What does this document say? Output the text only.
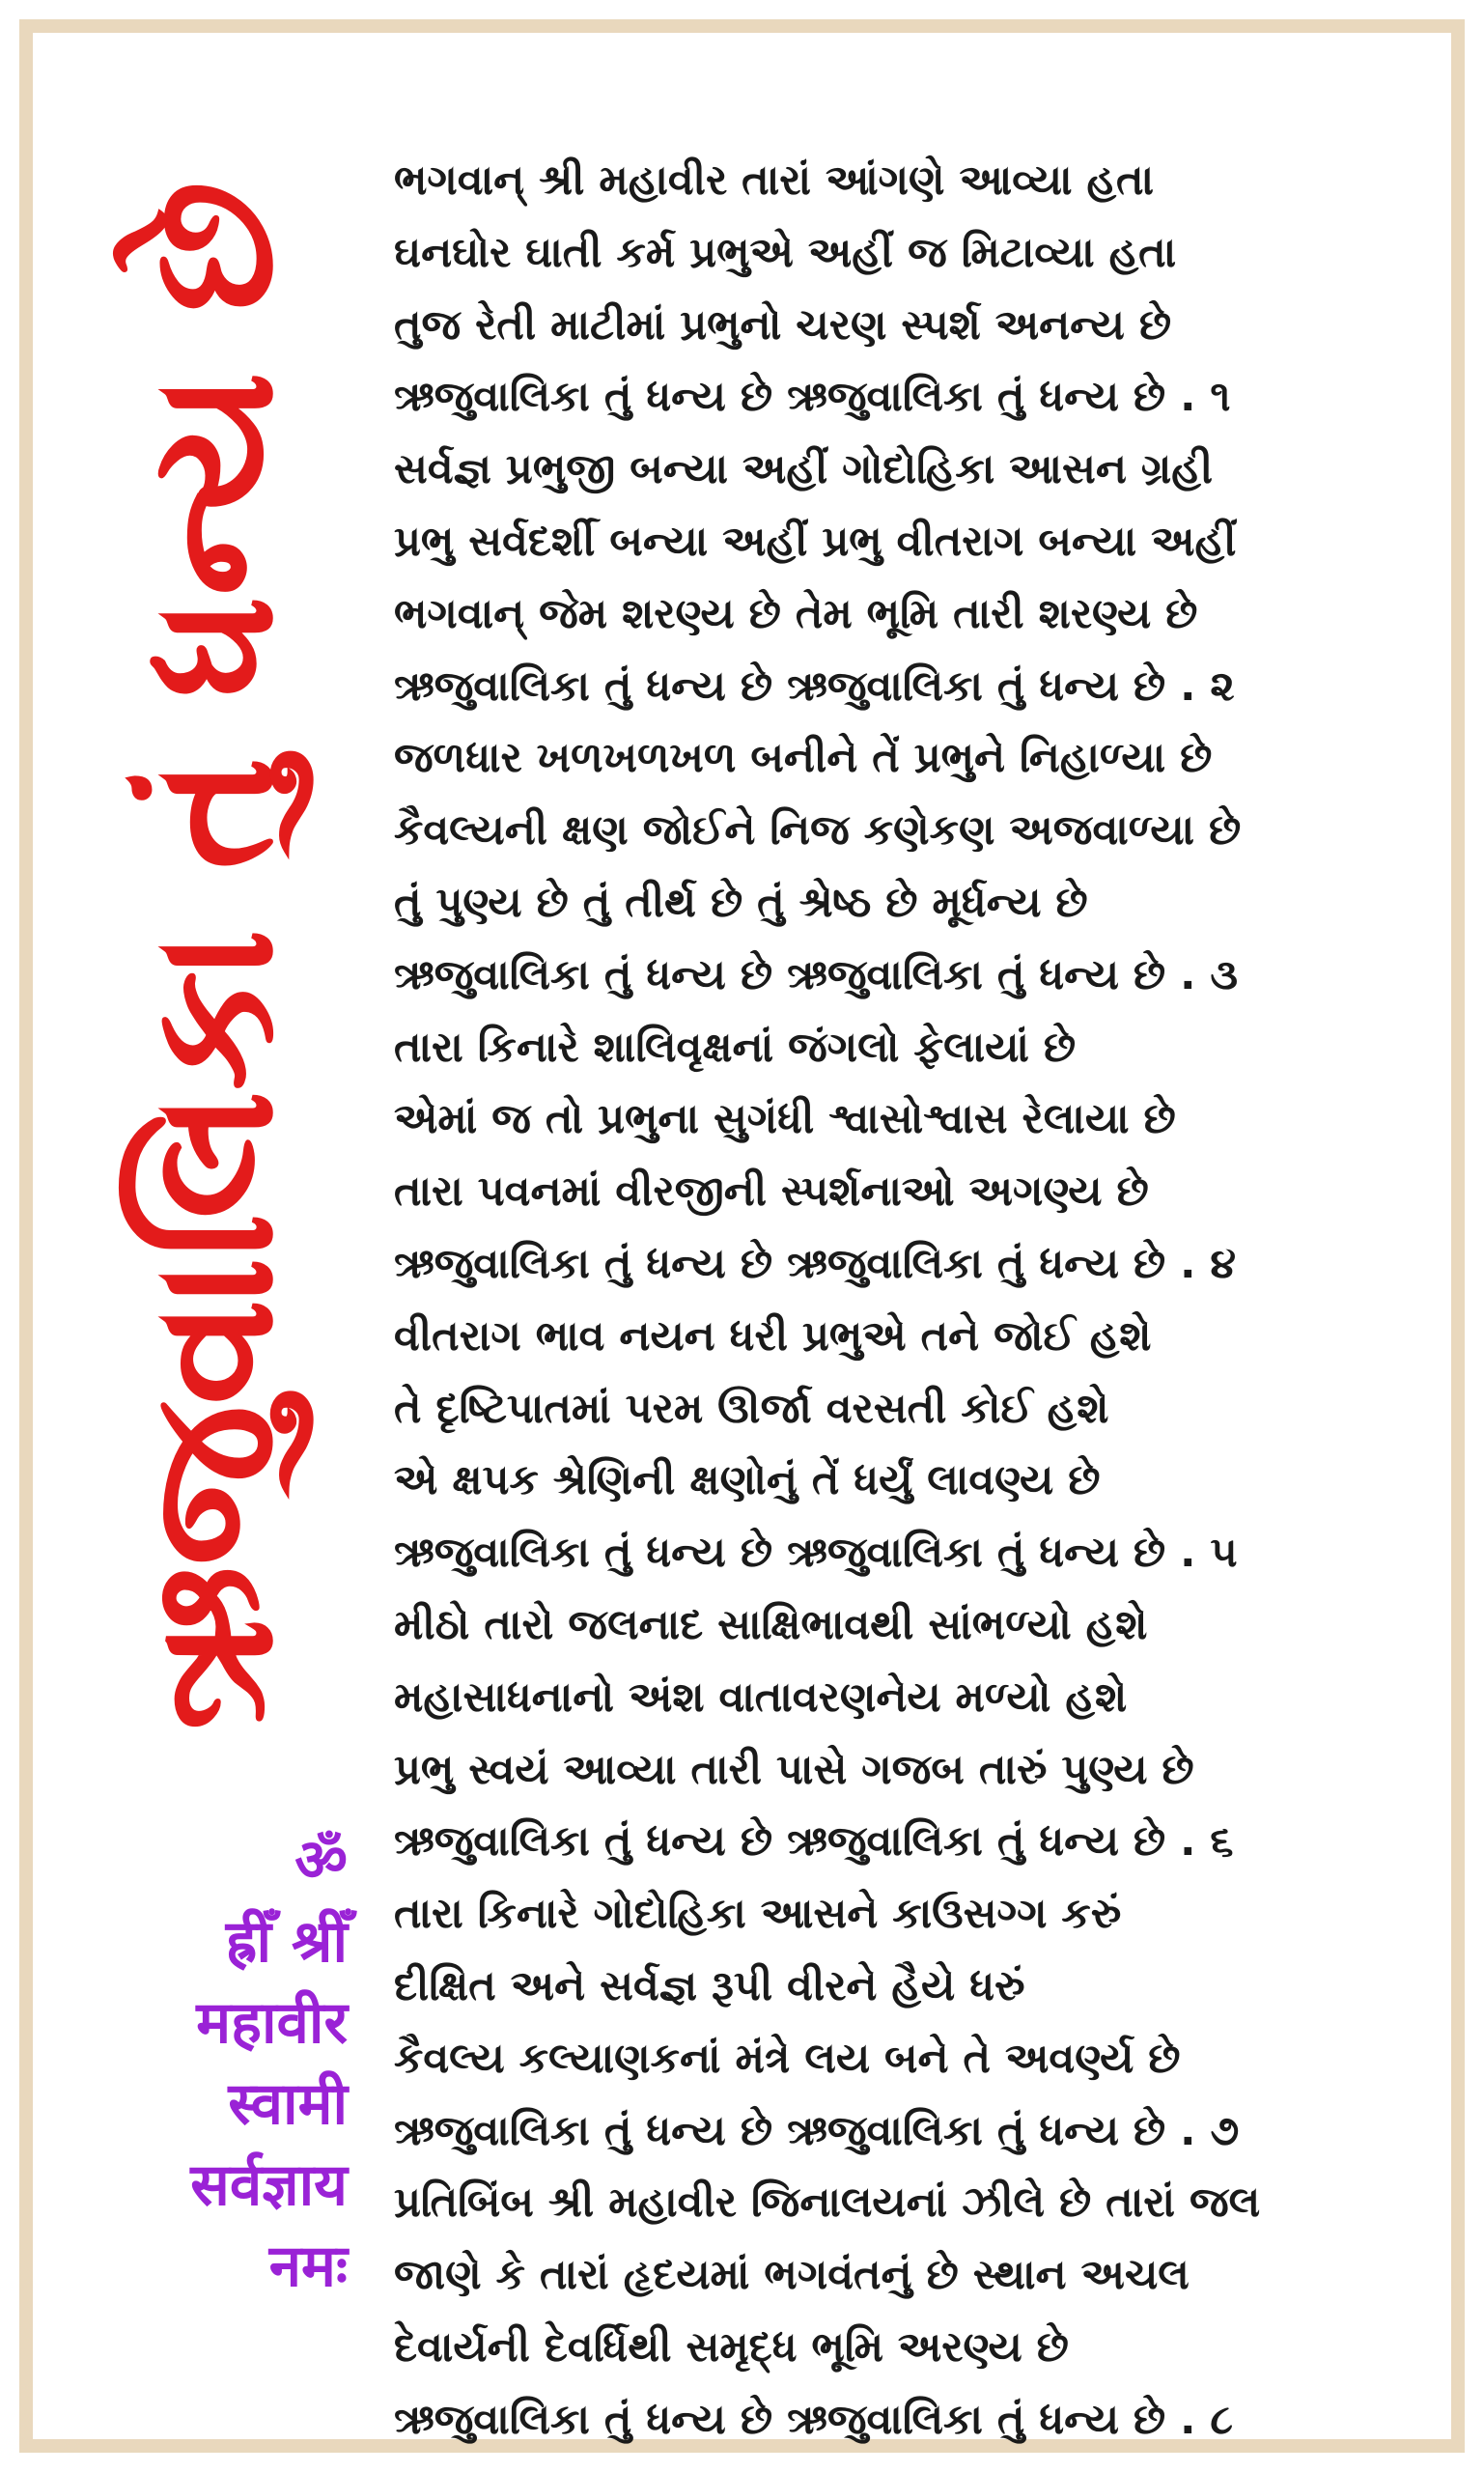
ઋજુવાલિકા તું ધન્ય છે
ॐ
ह्रीँ श्रीँ
महावीर
स्वामी
सर्वज्ञाय
नमः
ભગવાન્ શ્રી મહાવીર તારાં આંગણે આવ્યા હતા
ઘનઘોર ઘાતી કર્મ પ્રભુએ અહીં જ મિટાવ્યા હતા
તુજ રેતી માટીમાં પ્રભુનો ચરણ સ્પર્શ અનન્ય છે
ઋજુવાલિકા તું ધન્ય છે ઋજુવાલિકા તું ધન્ય છે . ૧
સર્વજ્ઞ પ્રભુજી બન્યા અહીં ગોદોહિકા આસન ગ્રહી
પ્રભુ સર્વદર્શી બન્યા અહીં પ્રભુ વીતરાગ બન્યા અહીં
ભગવાન્ જેમ શરણ્ય છે તેમ ભૂમિ તારી શરણ્ય છે
ઋજુવાલિકા તું ધન્ય છે ઋજુવાલિકા તું ધન્ય છે . ૨
જળધાર ખળખળખળ બનીને તેં પ્રભુને નિહાળ્યા છે
કૈવલ્યની ક્ષણ જોઈને નિજ કણેકણ અજવાળ્યા છે
તું પુણ્ય છે તું તીર્થ છે તું શ્રેષ્ઠ છે મૂર્ધન્ય છે
ઋજુવાલિકા તું ધન્ય છે ઋજુવાલિકા તું ધન્ય છે . ૩
તારા કિનારે શાલિવૃક્ષનાં જંગલો ફેલાયાં છે
એમાં જ તો પ્રભુના સુગંધી શ્વાસોશ્વાસ રેલાયા છે
તારા પવનમાં વીરજીની સ્પર્શનાઓ અગણ્ય છે
ઋજુવાલિકા તું ધન્ય છે ઋજુવાલિકા તું ધન્ય છે . ૪
વીતરાગ ભાવ નયન ધરી પ્રભુએ તને જોઈ હશે
તે દૃષ્ટિપાતમાં પરમ ઊર્જા વરસતી કોઈ હશે
એ ક્ષપક શ્રેણિની ક્ષણોનું તેં ધર્યું લાવણ્ય છે
ઋજુવાલિકા તું ધન્ય છે ઋજુવાલિકા તું ધન્ય છે . ૫
મીઠો તારો જલનાદ સાક્ષિભાવથી સાંભળ્યો હશે
મહાસાધનાનો અંશ વાતાવરણનેય મળ્યો હશે
પ્રભુ સ્વયં આવ્યા તારી પાસે ગજબ તારું પુણ્ય છે
ઋજુવાલિકા તું ધન્ય છે ઋજુવાલિકા તું ધન્ય છે . ૬
તારા કિનારે ગોદોહિકા આસને કાઉસગ્ગ કરું
દીક્ષિત અને સર્વજ્ઞ રૂપી વીરને હૈયે ધરું
કૈવલ્ય કલ્યાણકનાં મંત્રે લય બને તે અવર્ણ્ય છે
ઋજુવાલિકા તું ધન્ય છે ઋજુવાલિકા તું ધન્ય છે . ૭
પ્રતિબિંબ શ્રી મહાવીર જિનાલયનાં ઝીલે છે તારાં જલ
જાણે કે તારાં હૃદયમાં ભગવંતનું છે સ્થાન અચલ
દેવાર્યની દેવર્ધિથી સમૃદ્ધ ભૂમિ અરણ્ય છે
ઋજુવાલિકા તું ધન્ય છે ઋજુવાલિકા તું ધન્ય છે . ૮
